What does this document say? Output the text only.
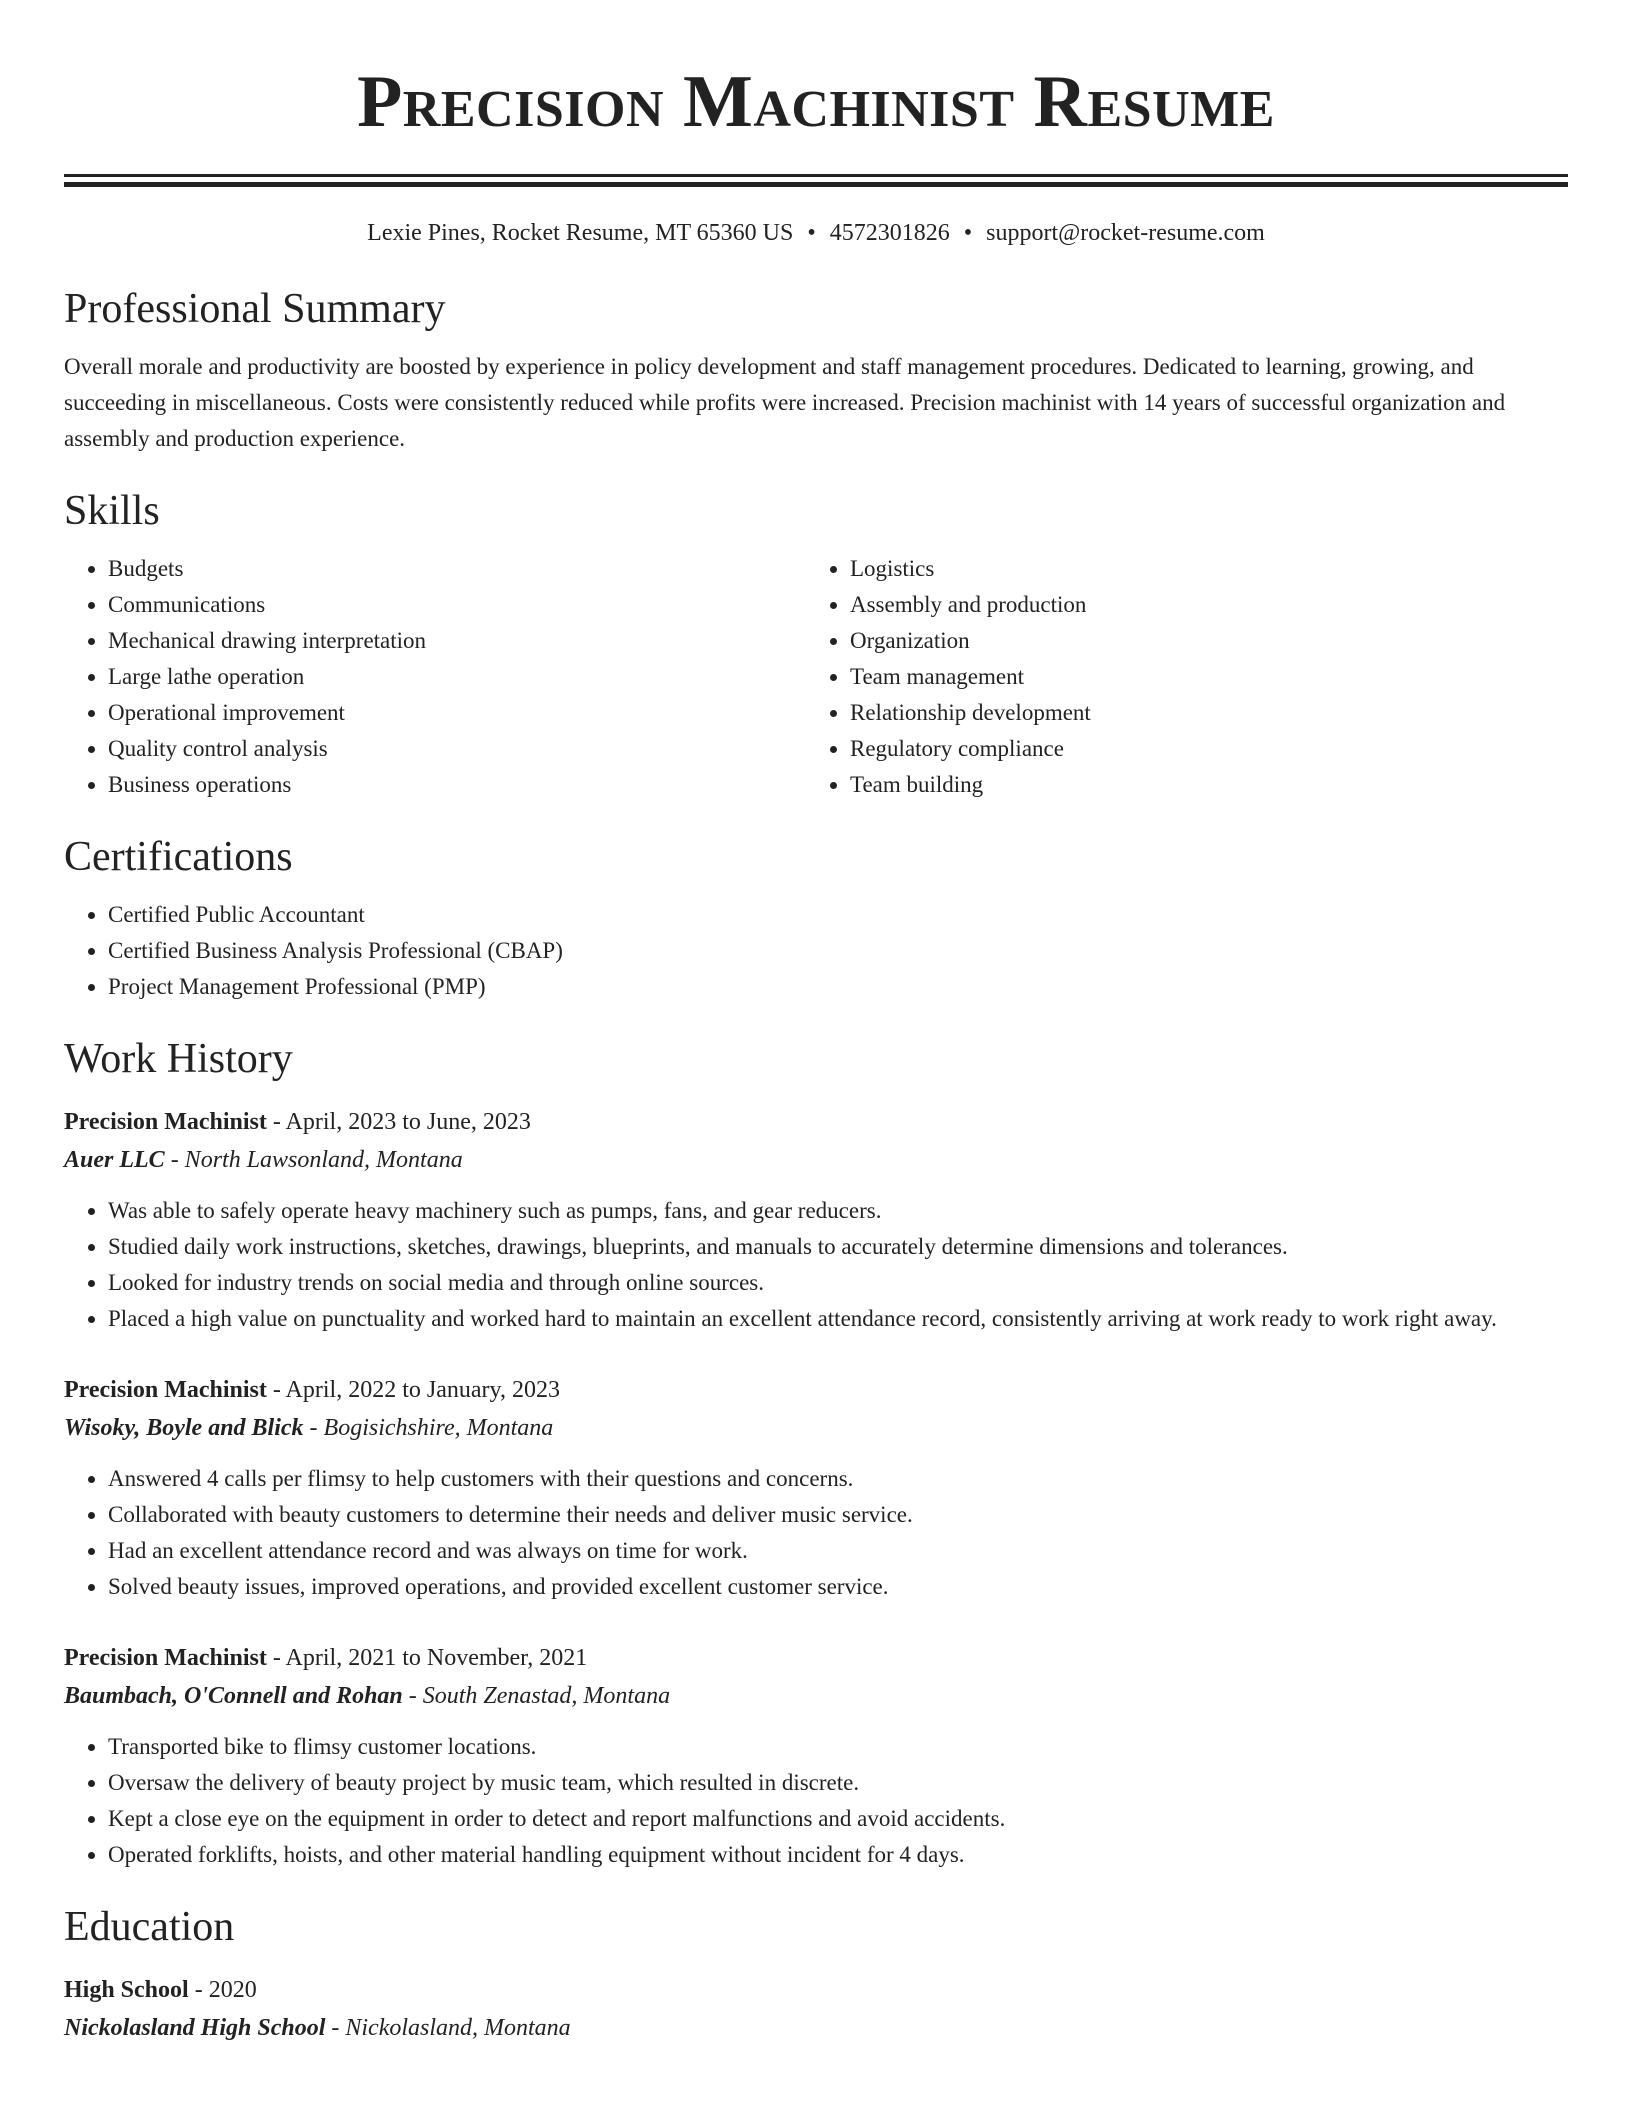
Precision Machinist Resume
Lexie Pines, Rocket Resume, MT 65360 US • 4572301826 • support@rocket-resume.com
Professional Summary
Overall morale and productivity are boosted by experience in policy development and staff management procedures. Dedicated to learning, growing, and succeeding in miscellaneous. Costs were consistently reduced while profits were increased. Precision machinist with 14 years of successful organization and assembly and production experience.
Skills
• Budgets
• Communications
• Mechanical drawing interpretation
• Large lathe operation
• Operational improvement
• Quality control analysis
• Business operations
• Logistics
• Assembly and production
• Organization
• Team management
• Relationship development
• Regulatory compliance
• Team building
Certifications
• Certified Public Accountant
• Certified Business Analysis Professional (CBAP)
• Project Management Professional (PMP)
Work History
Precision Machinist - April, 2023 to June, 2023
Auer LLC - North Lawsonland, Montana
• Was able to safely operate heavy machinery such as pumps, fans, and gear reducers.
• Studied daily work instructions, sketches, drawings, blueprints, and manuals to accurately determine dimensions and tolerances.
• Looked for industry trends on social media and through online sources.
• Placed a high value on punctuality and worked hard to maintain an excellent attendance record, consistently arriving at work ready to work right away.
Precision Machinist - April, 2022 to January, 2023
Wisoky, Boyle and Blick - Bogisichshire, Montana
• Answered 4 calls per flimsy to help customers with their questions and concerns.
• Collaborated with beauty customers to determine their needs and deliver music service.
• Had an excellent attendance record and was always on time for work.
• Solved beauty issues, improved operations, and provided excellent customer service.
Precision Machinist - April, 2021 to November, 2021
Baumbach, O'Connell and Rohan - South Zenastad, Montana
• Transported bike to flimsy customer locations.
• Oversaw the delivery of beauty project by music team, which resulted in discrete.
• Kept a close eye on the equipment in order to detect and report malfunctions and avoid accidents.
• Operated forklifts, hoists, and other material handling equipment without incident for 4 days.
Education
High School - 2020
Nickolasland High School - Nickolasland, Montana
